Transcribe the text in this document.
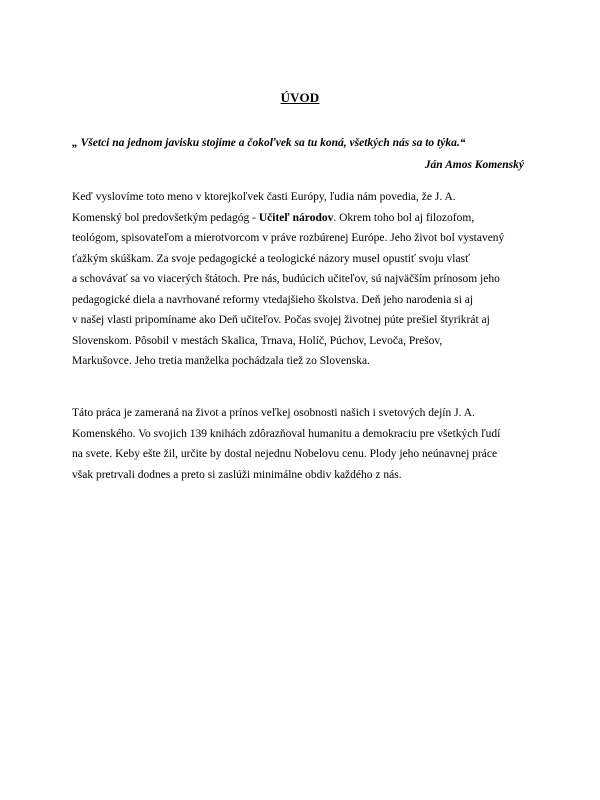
ÚVOD
„ Všetci na jednom javisku stojíme a čokoľvek sa tu koná, všetkých nás sa to týka.“
Ján Amos Komenský
Keď vyslovíme toto meno v ktorejkoľvek časti Európy, ľudia nám povedia, že J. A.
Komenský bol predovšetkým pedagóg - Učiteľ národov. Okrem toho bol aj filozofom,
teológom, spisovateľom a mierotvorcom v práve rozbúrenej Európe. Jeho život bol vystavený
ťažkým skúškam. Za svoje pedagogické a teologické názory musel opustiť svoju vlasť
a schovávať sa vo viacerých štátoch. Pre nás, budúcich učiteľov, sú najväčším prínosom jeho
pedagogické diela a navrhované reformy vtedajšieho školstva. Deň jeho narodenia si aj
v našej vlasti pripomíname ako Deň učiteľov. Počas svojej životnej púte prešiel štyrikrát aj
Slovenskom. Pôsobil v mestách Skalica, Trnava, Holíč, Púchov, Levoča, Prešov,
Markušovce. Jeho tretia manželka pochádzala tiež zo Slovenska.
Táto práca je zameraná na život a prínos veľkej osobnosti našich i svetových dejín J. A.
Komenského. Vo svojich 139 knihách zdôrazňoval humanitu a demokraciu pre všetkých ľudí
na svete. Keby ešte žil, určite by dostal nejednu Nobelovu cenu. Plody jeho neúnavnej práce
však pretrvali dodnes a preto si zaslúži minimálne obdiv každého z nás.
